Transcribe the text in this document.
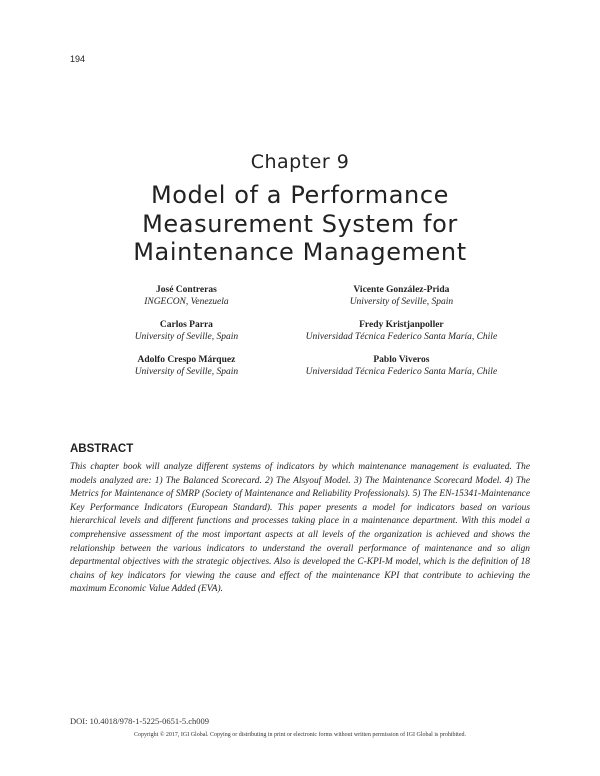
194
Chapter 9
Model of a Performance
Measurement System for
Maintenance Management
José Contreras
INGECON, Venezuela
Vicente González-Prida
University of Seville, Spain
Carlos Parra
University of Seville, Spain
Fredy Kristjanpoller
Universidad Técnica Federico Santa María, Chile
Adolfo Crespo Márquez
University of Seville, Spain
Pablo Viveros
Universidad Técnica Federico Santa María, Chile
ABSTRACT
This chapter book will analyze different systems of indicators by which maintenance management is evaluated. The models analyzed are: 1) The Balanced Scorecard. 2) The Alsyouf Model. 3) The Maintenance Scorecard Model. 4) The Metrics for Maintenance of SMRP (Society of Maintenance and Reliability Professionals). 5) The EN-15341-Maintenance Key Performance Indicators (European Standard). This paper presents a model for indicators based on various hierarchical levels and different functions and processes taking place in a maintenance department. With this model a comprehensive assessment of the most important aspects at all levels of the organization is achieved and shows the relationship between the various indicators to understand the overall performance of maintenance and so align departmental objectives with the strategic objectives. Also is developed the C-KPI-M model, which is the definition of 18 chains of key indicators for viewing the cause and effect of the maintenance KPI that contribute to achieving the maximum Economic Value Added (EVA).
DOI: 10.4018/978-1-5225-0651-5.ch009
Copyright © 2017, IGI Global. Copying or distributing in print or electronic forms without written permission of IGI Global is prohibited.
